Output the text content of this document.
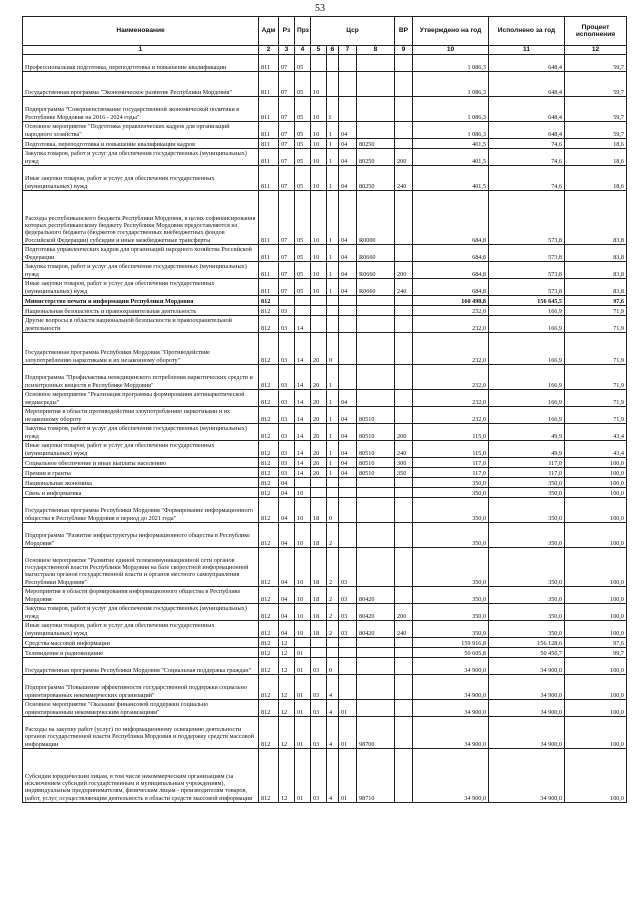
53
Наименование	Адм	Рз	Прз	Цср				ВР	Утверждено на год	Исполнено за год	Процент исполнения
1	2	3	4	5	6	7	8	9	10	11	12
Профессиональная подготовка, переподготовка и повышение квалификации	811	07	05						1 086,3	648,4	59,7
Государственная программа "Экономическое развитие Республики Мордовия"	811	07	05	10					1 086,3	648,4	59,7
Подпрограмма "Совершенствование государственной экономической политики в Республике Мордовия на 2016 - 2024 годы"	811	07	05	10	I				1 086,3	648,4	59,7
Основное мероприятие "Подготовка управленческих кадров для организаций народного хозяйства"	811	07	05	10	1	04			1 086,3	648,4	59,7
Подготовка, переподготовка и повышение квалификации кадров	811	07	05	10	1	04	80250		401,5	74,6	18,6
Закупка товаров, работ и услуг для обеспечения государственных (муниципальных) нужд	811	07	05	10	1	04	80250	200	401,5	74,6	18,6
Иные закупки товаров, работ и услуг для обеспечения государственных (муниципальных) нужд	811	07	05	10	1	04	80250	240	401,5	74,6	18,6
Расходы республиканского бюджета Республики Мордовия, в целях софинансирования которых республиканскому бюджету Республики Мордовия предоставляются из федерального бюджета (бюджетов государственных внебюджетных фондов Российской Федерации) субсидии и иные межбюджетные трансферты	811	07	05	10	1	04	R0000		684,8	573,8	83,8
Подготовка управленческих кадров для организаций народного хозяйства Российской Федерации	811	07	05	10	1	04	R0660		684,8	573,8	83,8
Закупка товаров, работ и услуг для обеспечения государственных (муниципальных) нужд	811	07	05	10	1	04	R0660	200	684,8	573,8	83,8
Иные закупки товаров, работ и услуг для обеспечения государственных (муниципальных) нужд	811	07	05	10	1	04	R0660	240	684,8	573,8	83,8
Министерство печати и информации Республики Мордовия	812								160 498,8	156 645,5	97,6
Национальная безопасность и правоохранительная деятельность	812	03							232,0	166,9	71,9
Другие вопросы в области национальной безопасности и правоохранительной деятельности	812	03	14						232,0	166,9	71,9
Государственная программа Республики Мордовия "Противодействие злоупотреблению наркотиками и их незаконному обороту"	812	03	14	20	0				232,0	166,9	71,9
Подпрограмма "Профилактика немедицинского потребления наркотических средств и психотропных веществ в Республике Мордовия"	812	03	14	20	1				232,0	166,9	71,9
Основное мероприятие "Реализация программы формирования антинаркотической медиасреды"	812	03	14	20	1	04			232,0	166,9	71,9
Мероприятия в области противодействия злоупотреблению наркотиками и их незаконному обороту	812	03	14	20	1	04	80510		232,0	166,9	71,9
Закупка товаров, работ и услуг для обеспечения государственных (муниципальных) нужд	812	03	14	20	1	04	80510	200	115,0	49,9	43,4
Иные закупки товаров, работ и услуг для обеспечения государственных (муниципальных) нужд	812	03	14	20	1	04	80510	240	115,0	49,9	43,4
Социальное обеспечение и иные выплаты населению	812	03	14	20	1	04	80510	300	117,0	117,0	100,0
Премии и гранты	812	03	14	20	1	04	80510	350	117,0	117,0	100,0
Национальная экономика	812	04							350,0	350,0	100,0
Связь и информатика	812	04	10						350,0	350,0	100,0
Государственная программа Республики Мордовия "Формирование информационного общества в Республике Мордовия в период до 2021 года"	812	04	10	18	0				350,0	350,0	100,0
Подпрограмма "Развитие инфраструктуры информационного общества в Республике Мордовия"	812	04	10	18	2				350,0	350,0	100,0
Основное мероприятие "Развитие единой телекоммуникационной сети органов государственной власти Республики Мордовия на базе скоростной информационной магистрали органов государственной власти и органов местного самоуправления Республики Мордовия"	812	04	10	18	2	03			350,0	350,0	100,0
Мероприятия в области формирования информационного общества в Республике Мордовия	812	04	10	18	2	03	80420		350,0	350,0	100,0
Закупка товаров, работ и услуг для обеспечения государственных (муниципальных) нужд	812	04	10	18	2	03	80420	200	350,0	350,0	100,0
Иные закупки товаров, работ и услуг для обеспечения государственных (муниципальных) нужд	812	04	10	18	2	03	80420	240	350,0	350,0	100,0
Средства массовой информации	812	12							159 916,8	156 128,6	97,6
Телевидение и радиовещание	812	12	01						50 605,8	50 456,7	99,7
Государственная программа Республики Мордовия "Социальная поддержка граждан"	812	12	01	03	0				34 900,0	34 900,0	100,0
Подпрограмма "Повышение эффективности государственной поддержки социально ориентированных некоммерческих организаций"	812	12	01	03	4				34 900,0	34 900,0	100,0
Основное мероприятие "Оказание финансовой поддержки социально ориентированным некоммерческим организациям"	812	12	01	03	4	01			34 900,0	34 900,0	100,0
Расходы на закупку работ (услуг) по информационному освещению деятельности органов государственной власти Республики Мордовия и поддержку средств массовой информации	812	12	01	03	4	01	98700		34 900,0	34 900,0	100,0
Субсидии юридическим лицам, в том числе некоммерческим организациям (за исключением субсидий государственным и муниципальным учреждениям), индивидуальным предпринимателям, физическим лицам - производителям товаров, работ, услуг, осуществляющим деятельность в области средств массовой информации	812	12	01	03	4	01	98710		34 900,0	34 900,0	100,0
